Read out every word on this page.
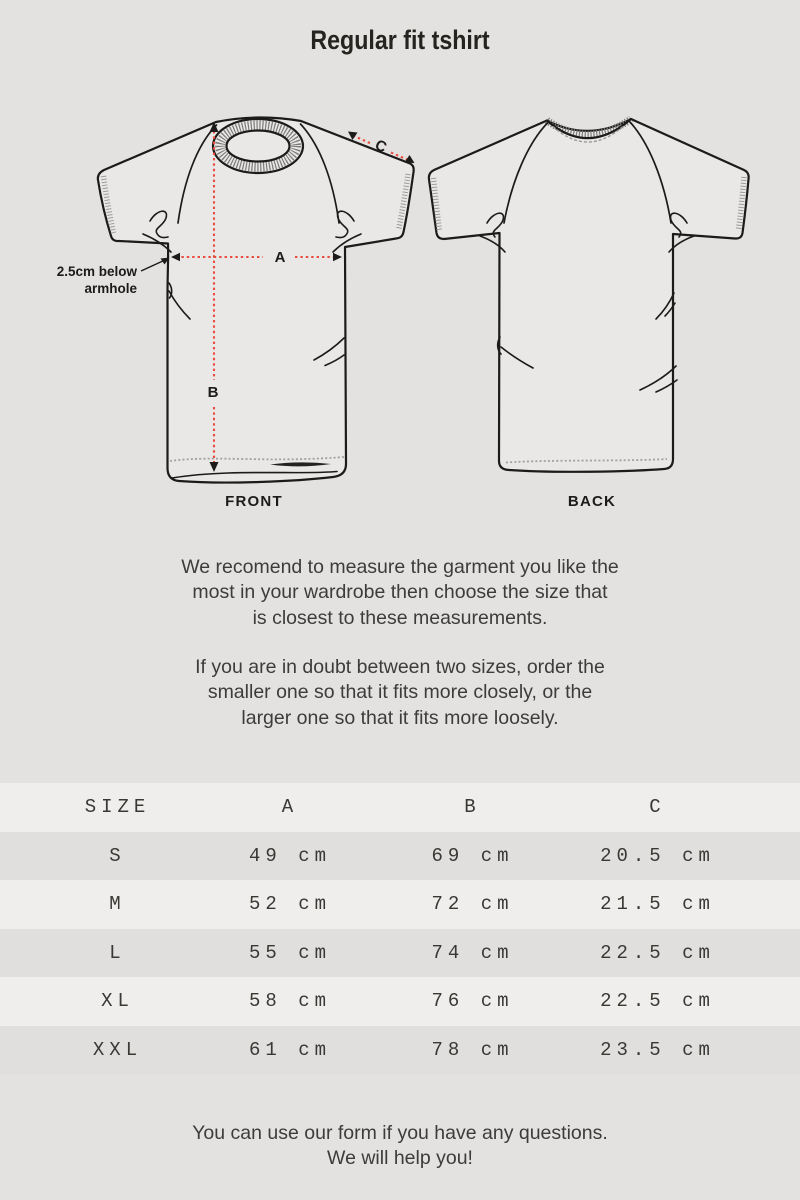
Regular fit tshirt
A
B
C
2.5cm below
armhole
FRONT	BACK
We recomend to measure the garment you like the
most in your wardrobe then choose the size that
is closest to these measurements.
If you are in doubt between two sizes, order the
smaller one so that it fits more closely, or the
larger one so that it fits more loosely.
SIZE	A	B	C
S	49 cm	69 cm	20.5 cm
M	52 cm	72 cm	21.5 cm
L	55 cm	74 cm	22.5 cm
XL	58 cm	76 cm	22.5 cm
XXL	61 cm	78 cm	23.5 cm
You can use our form if you have any questions.
We will help you!
